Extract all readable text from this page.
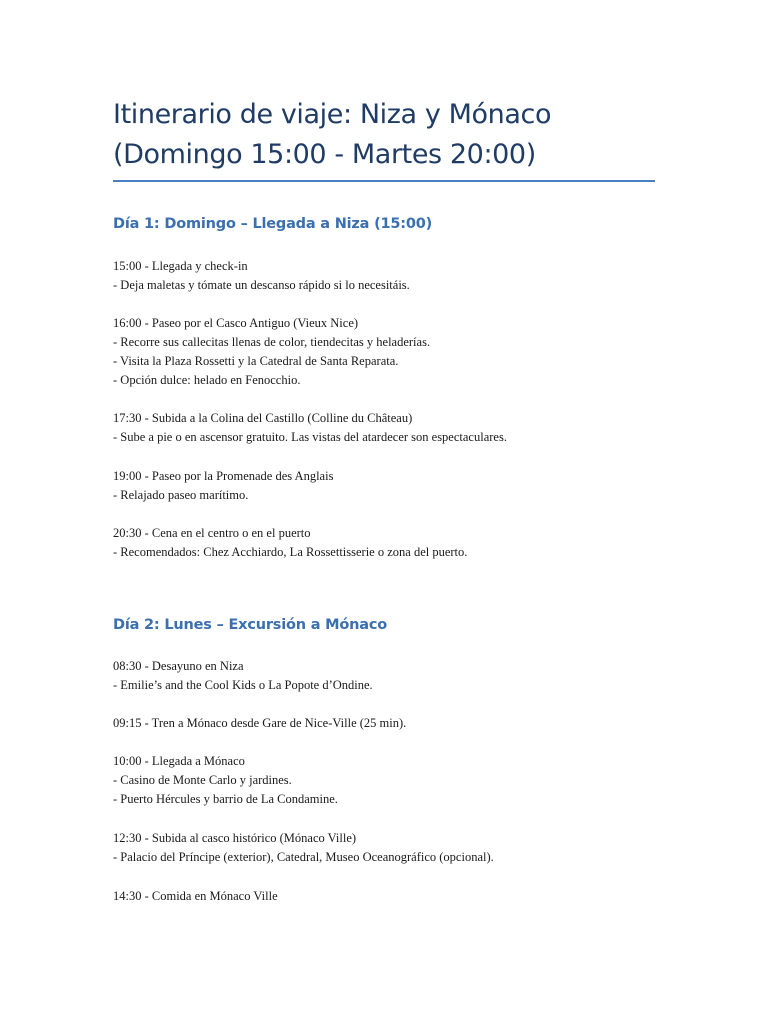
Itinerario de viaje: Niza y Mónaco
(Domingo 15:00 - Martes 20:00)
Día 1: Domingo – Llegada a Niza (15:00)
15:00 - Llegada y check-in
- Deja maletas y tómate un descanso rápido si lo necesitáis.
16:00 - Paseo por el Casco Antiguo (Vieux Nice)
- Recorre sus callecitas llenas de color, tiendecitas y heladerías.
- Visita la Plaza Rossetti y la Catedral de Santa Reparata.
- Opción dulce: helado en Fenocchio.
17:30 - Subida a la Colina del Castillo (Colline du Château)
- Sube a pie o en ascensor gratuito. Las vistas del atardecer son espectaculares.
19:00 - Paseo por la Promenade des Anglais
- Relajado paseo marítimo.
20:30 - Cena en el centro o en el puerto
- Recomendados: Chez Acchiardo, La Rossettisserie o zona del puerto.
Día 2: Lunes – Excursión a Mónaco
08:30 - Desayuno en Niza
- Emilie’s and the Cool Kids o La Popote d’Ondine.
09:15 - Tren a Mónaco desde Gare de Nice-Ville (25 min).
10:00 - Llegada a Mónaco
- Casino de Monte Carlo y jardines.
- Puerto Hércules y barrio de La Condamine.
12:30 - Subida al casco histórico (Mónaco Ville)
- Palacio del Príncipe (exterior), Catedral, Museo Oceanográfico (opcional).
14:30 - Comida en Mónaco Ville
